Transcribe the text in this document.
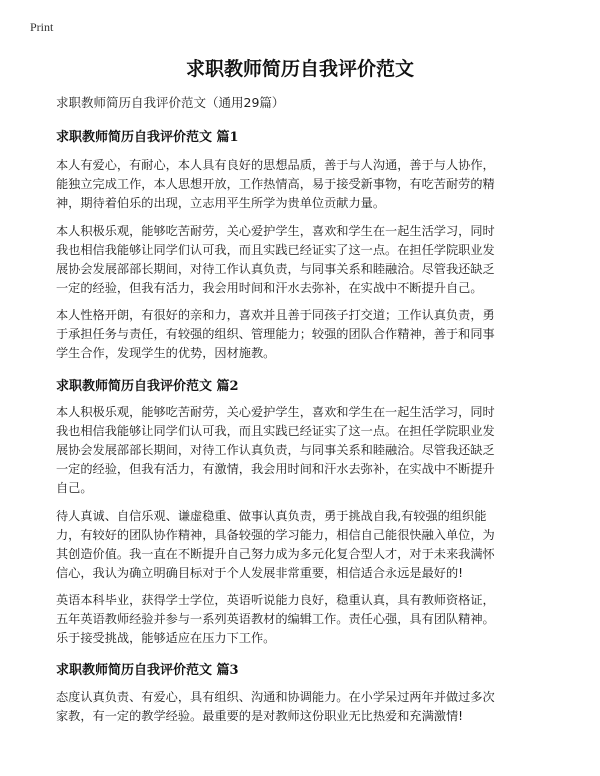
Print
求职教师简历自我评价范文
求职教师简历自我评价范文（通用29篇）
求职教师简历自我评价范文 篇1

本人有爱心，有耐心，本人具有良好的思想品质，善于与人沟通，善于与人协作，
能独立完成工作，本人思想开放，工作热情高，易于接受新事物，有吃苦耐劳的精
神，期待着伯乐的出现，立志用平生所学为贵单位贡献力量。

本人积极乐观，能够吃苦耐劳，关心爱护学生，喜欢和学生在一起生活学习，同时
我也相信我能够让同学们认可我，而且实践已经证实了这一点。在担任学院职业发
展协会发展部部长期间，对待工作认真负责，与同事关系和睦融洽。尽管我还缺乏
一定的经验，但我有活力，我会用时间和汗水去弥补，在实战中不断提升自己。

本人性格开朗，有很好的亲和力，喜欢并且善于同孩子打交道；工作认真负责，勇
于承担任务与责任，有较强的组织、管理能力；较强的团队合作精神，善于和同事
学生合作，发现学生的优势，因材施教。

求职教师简历自我评价范文 篇2

本人积极乐观，能够吃苦耐劳，关心爱护学生，喜欢和学生在一起生活学习，同时
我也相信我能够让同学们认可我，而且实践已经证实了这一点。在担任学院职业发
展协会发展部部长期间，对待工作认真负责，与同事关系和睦融洽。尽管我还缺乏
一定的经验，但我有活力，有激情，我会用时间和汗水去弥补，在实战中不断提升
自己。

待人真诚、自信乐观、谦虚稳重、做事认真负责，勇于挑战自我,有较强的组织能
力，有较好的团队协作精神，具备较强的学习能力，相信自己能很快融入单位，为
其创造价值。我一直在不断提升自己努力成为多元化复合型人才，对于未来我满怀
信心，我认为确立明确目标对于个人发展非常重要，相信适合永远是最好的!

英语本科毕业，获得学士学位，英语听说能力良好，稳重认真，具有教师资格证，
五年英语教师经验并参与一系列英语教材的编辑工作。责任心强，具有团队精神。
乐于接受挑战，能够适应在压力下工作。

求职教师简历自我评价范文 篇3

态度认真负责、有爱心，具有组织、沟通和协调能力。在小学呆过两年并做过多次
家教，有一定的教学经验。最重要的是对教师这份职业无比热爱和充满激情!
